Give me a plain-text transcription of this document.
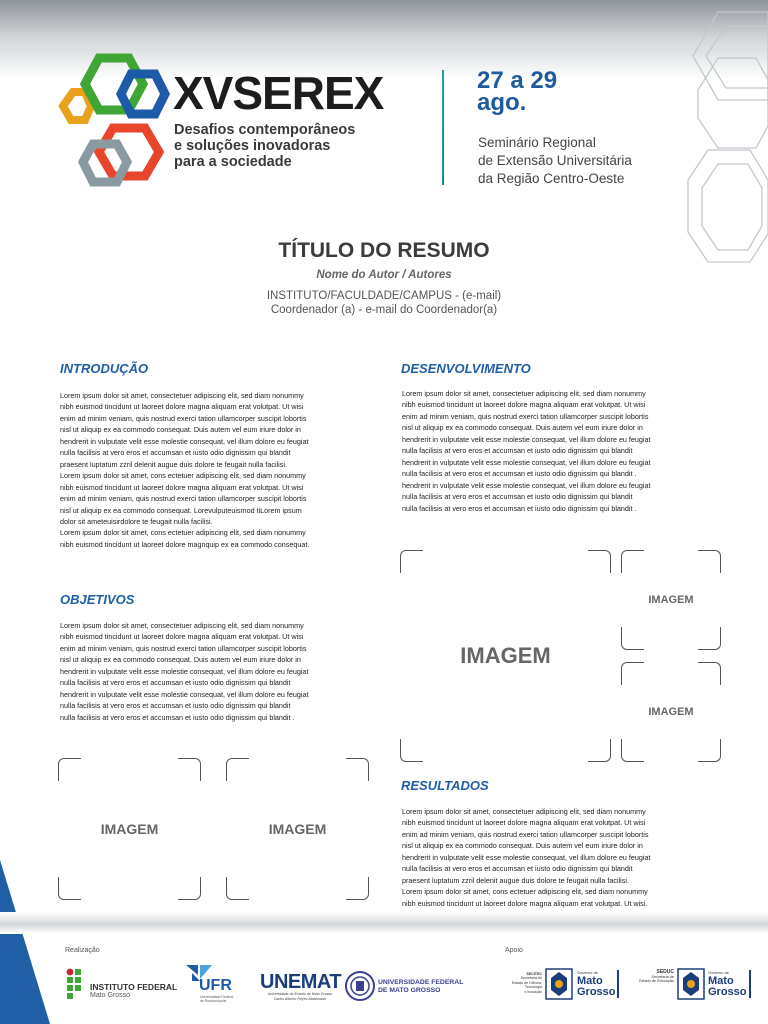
XVSEREX
Desafios contemporâneos
e soluções inovadoras
para a sociedade
27 a 29
ago.
Seminário Regional
de Extensão Universitária
da Região Centro-Oeste
TÍTULO DO RESUMO
Nome do Autor / Autores
INSTITUTO/FACULDADE/CAMPUS - (e-mail)
Coordenador (a) - e-mail do Coordenador(a)
INTRODUÇÃO
Lorem ipsum dolor sit amet, consectetuer adipiscing elit, sed diam nonummy
nibh euismod tincidunt ut laoreet dolore magna aliquam erat volutpat. Ut wisi
enim ad minim veniam, quis nostrud exerci tation ullamcorper suscipit lobortis
nisl ut aliquip ex ea commodo consequat. Duis autem vel eum iriure dolor in
hendrerit in vulputate velit esse molestie consequat, vel illum dolore eu feugiat
nulla facilisis at vero eros et accumsan et iusto odio dignissim qui blandit
praesent luptatum zzril delenit augue duis dolore te feugait nulla facilisi.
Lorem ipsum dolor sit amet, cons ectetuer adipiscing elit, sed diam nonummy
nibh euismod tincidunt ut laoreet dolore magna aliquam erat volutpat. Ut wisi
enim ad minim veniam, quis nostrud exerci tation ullamcorper suscipit lobortis
nisl ut aliquip ex ea commodo consequat. Lorevulputeuismod tiLorem ipsum
dolor sit ameteuisirdolore te feugait nulla facilisi.
Lorem ipsum dolor sit amet, cons ectetuer adipiscing elit, sed diam nonummy
nibh euismod tincidunt ut laoreet dolore magnquip ex ea commodo consequat.
DESENVOLVIMENTO
Lorem ipsum dolor sit amet, consectetuer adipiscing elit, sed diam nonummy
nibh euismod tincidunt ut laoreet dolore magna aliquam erat volutpat. Ut wisi
enim ad minim veniam, quis nostrud exerci tation ullamcorper suscipit lobortis
nisl ut aliquip ex ea commodo consequat. Duis autem vel eum iriure dolor in
hendrerit in vulputate velit esse molestie consequat, vel illum dolore eu feugiat
nulla facilisis at vero eros et accumsan et iusto odio dignissim qui blandit
hendrerit in vulputate velit esse molestie consequat, vel illum dolore eu feugiat
nulla facilisis at vero eros et accumsan et iusto odio dignissim qui blandit .
hendrerit in vulputate velit esse molestie consequat, vel illum dolore eu feugiat
nulla facilisis at vero eros et accumsan et iusto odio dignissim qui blandit
nulla facilisis at vero eros et accumsan et iusto odio dignissim qui blandit .
OBJETIVOS
Lorem ipsum dolor sit amet, consectetuer adipiscing elit, sed diam nonummy
nibh euismod tincidunt ut laoreet dolore magna aliquam erat volutpat. Ut wisi
enim ad minim veniam, quis nostrud exerci tation ullamcorper suscipit lobortis
nisl ut aliquip ex ea commodo consequat. Duis autem vel eum iriure dolor in
hendrerit in vulputate velit esse molestie consequat, vel illum dolore eu feugiat
nulla facilisis at vero eros et accumsan et iusto odio dignissim qui blandit
hendrerit in vulputate velit esse molestie consequat, vel illum dolore eu feugiat
nulla facilisis at vero eros et accumsan et iusto odio dignissim qui blandit
nulla facilisis at vero eros et accumsan et iusto odio dignissim qui blandit .
RESULTADOS
Lorem ipsum dolor sit amet, consectetuer adipiscing elit, sed diam nonummy
nibh euismod tincidunt ut laoreet dolore magna aliquam erat volutpat. Ut wisi
enim ad minim veniam, quis nostrud exerci tation ullamcorper suscipit lobortis
nisl ut aliquip ex ea commodo consequat. Duis autem vel eum iriure dolor in
hendrerit in vulputate velit esse molestie consequat, vel illum dolore eu feugiat
nulla facilisis at vero eros et accumsan et iusto odio dignissim qui blandit
praesent luptatum zzril delenit augue duis dolore te feugait nulla facilisi.
Lorem ipsum dolor sit amet, cons ectetuer adipiscing elit, sed diam nonummy
nibh euismod tincidunt ut laoreet dolore magna aliquam erat volutpat. Ut wisi.
IMAGEM
IMAGEM
IMAGEM
IMAGEM	IMAGEM
Realização	Apoio
INSTITUTO FEDERAL
Mato Grosso
UFR
Universidade Federal
de Rondonópolis
UNEMAT
Universidade do Estado de Mato Grosso
Carlos Alberto Reyes Maldonado
UNIVERSIDADE FEDERAL
DE MATO GROSSO
SECITEC
Secretaria de
Estado de Ciência,
Tecnologia
e Inovação
Governo de
Mato
Grosso
SEDUC
Secretaria de
Estado de Educação
Governo de
Mato
Grosso
